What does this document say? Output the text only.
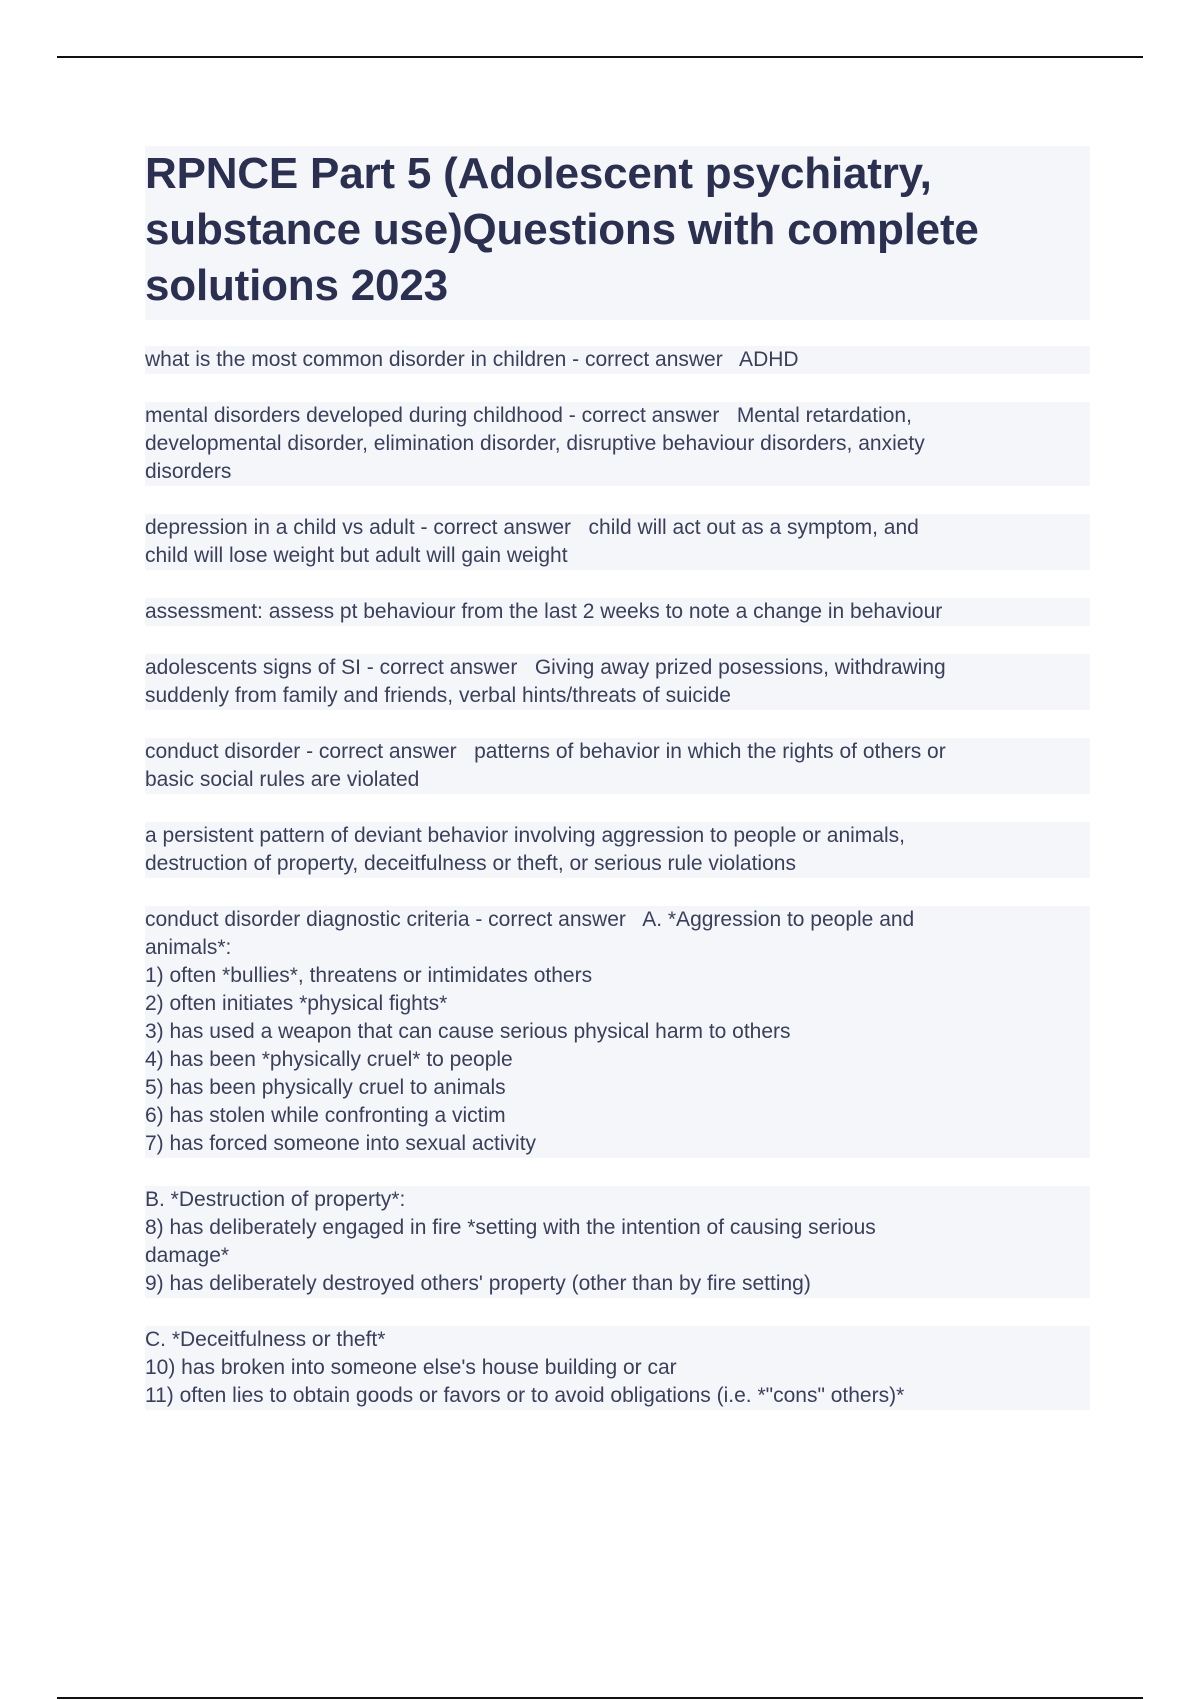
RPNCE Part 5 (Adolescent psychiatry, substance use)Questions with complete solutions 2023
what is the most common disorder in children - correct answer   ADHD
mental disorders developed during childhood - correct answer   Mental retardation,
developmental disorder, elimination disorder, disruptive behaviour disorders, anxiety
disorders
depression in a child vs adult - correct answer   child will act out as a symptom, and
child will lose weight but adult will gain weight
assessment: assess pt behaviour from the last 2 weeks to note a change in behaviour
adolescents signs of SI - correct answer   Giving away prized posessions, withdrawing
suddenly from family and friends, verbal hints/threats of suicide
conduct disorder - correct answer   patterns of behavior in which the rights of others or
basic social rules are violated
a persistent pattern of deviant behavior involving aggression to people or animals,
destruction of property, deceitfulness or theft, or serious rule violations
conduct disorder diagnostic criteria - correct answer   A. *Aggression to people and
animals*:
1) often *bullies*, threatens or intimidates others
2) often initiates *physical fights*
3) has used a weapon that can cause serious physical harm to others
4) has been *physically cruel* to people
5) has been physically cruel to animals
6) has stolen while confronting a victim
7) has forced someone into sexual activity
B. *Destruction of property*:
8) has deliberately engaged in fire *setting with the intention of causing serious
damage*
9) has deliberately destroyed others' property (other than by fire setting)
C. *Deceitfulness or theft*
10) has broken into someone else's house building or car
11) often lies to obtain goods or favors or to avoid obligations (i.e. *"cons" others)*
